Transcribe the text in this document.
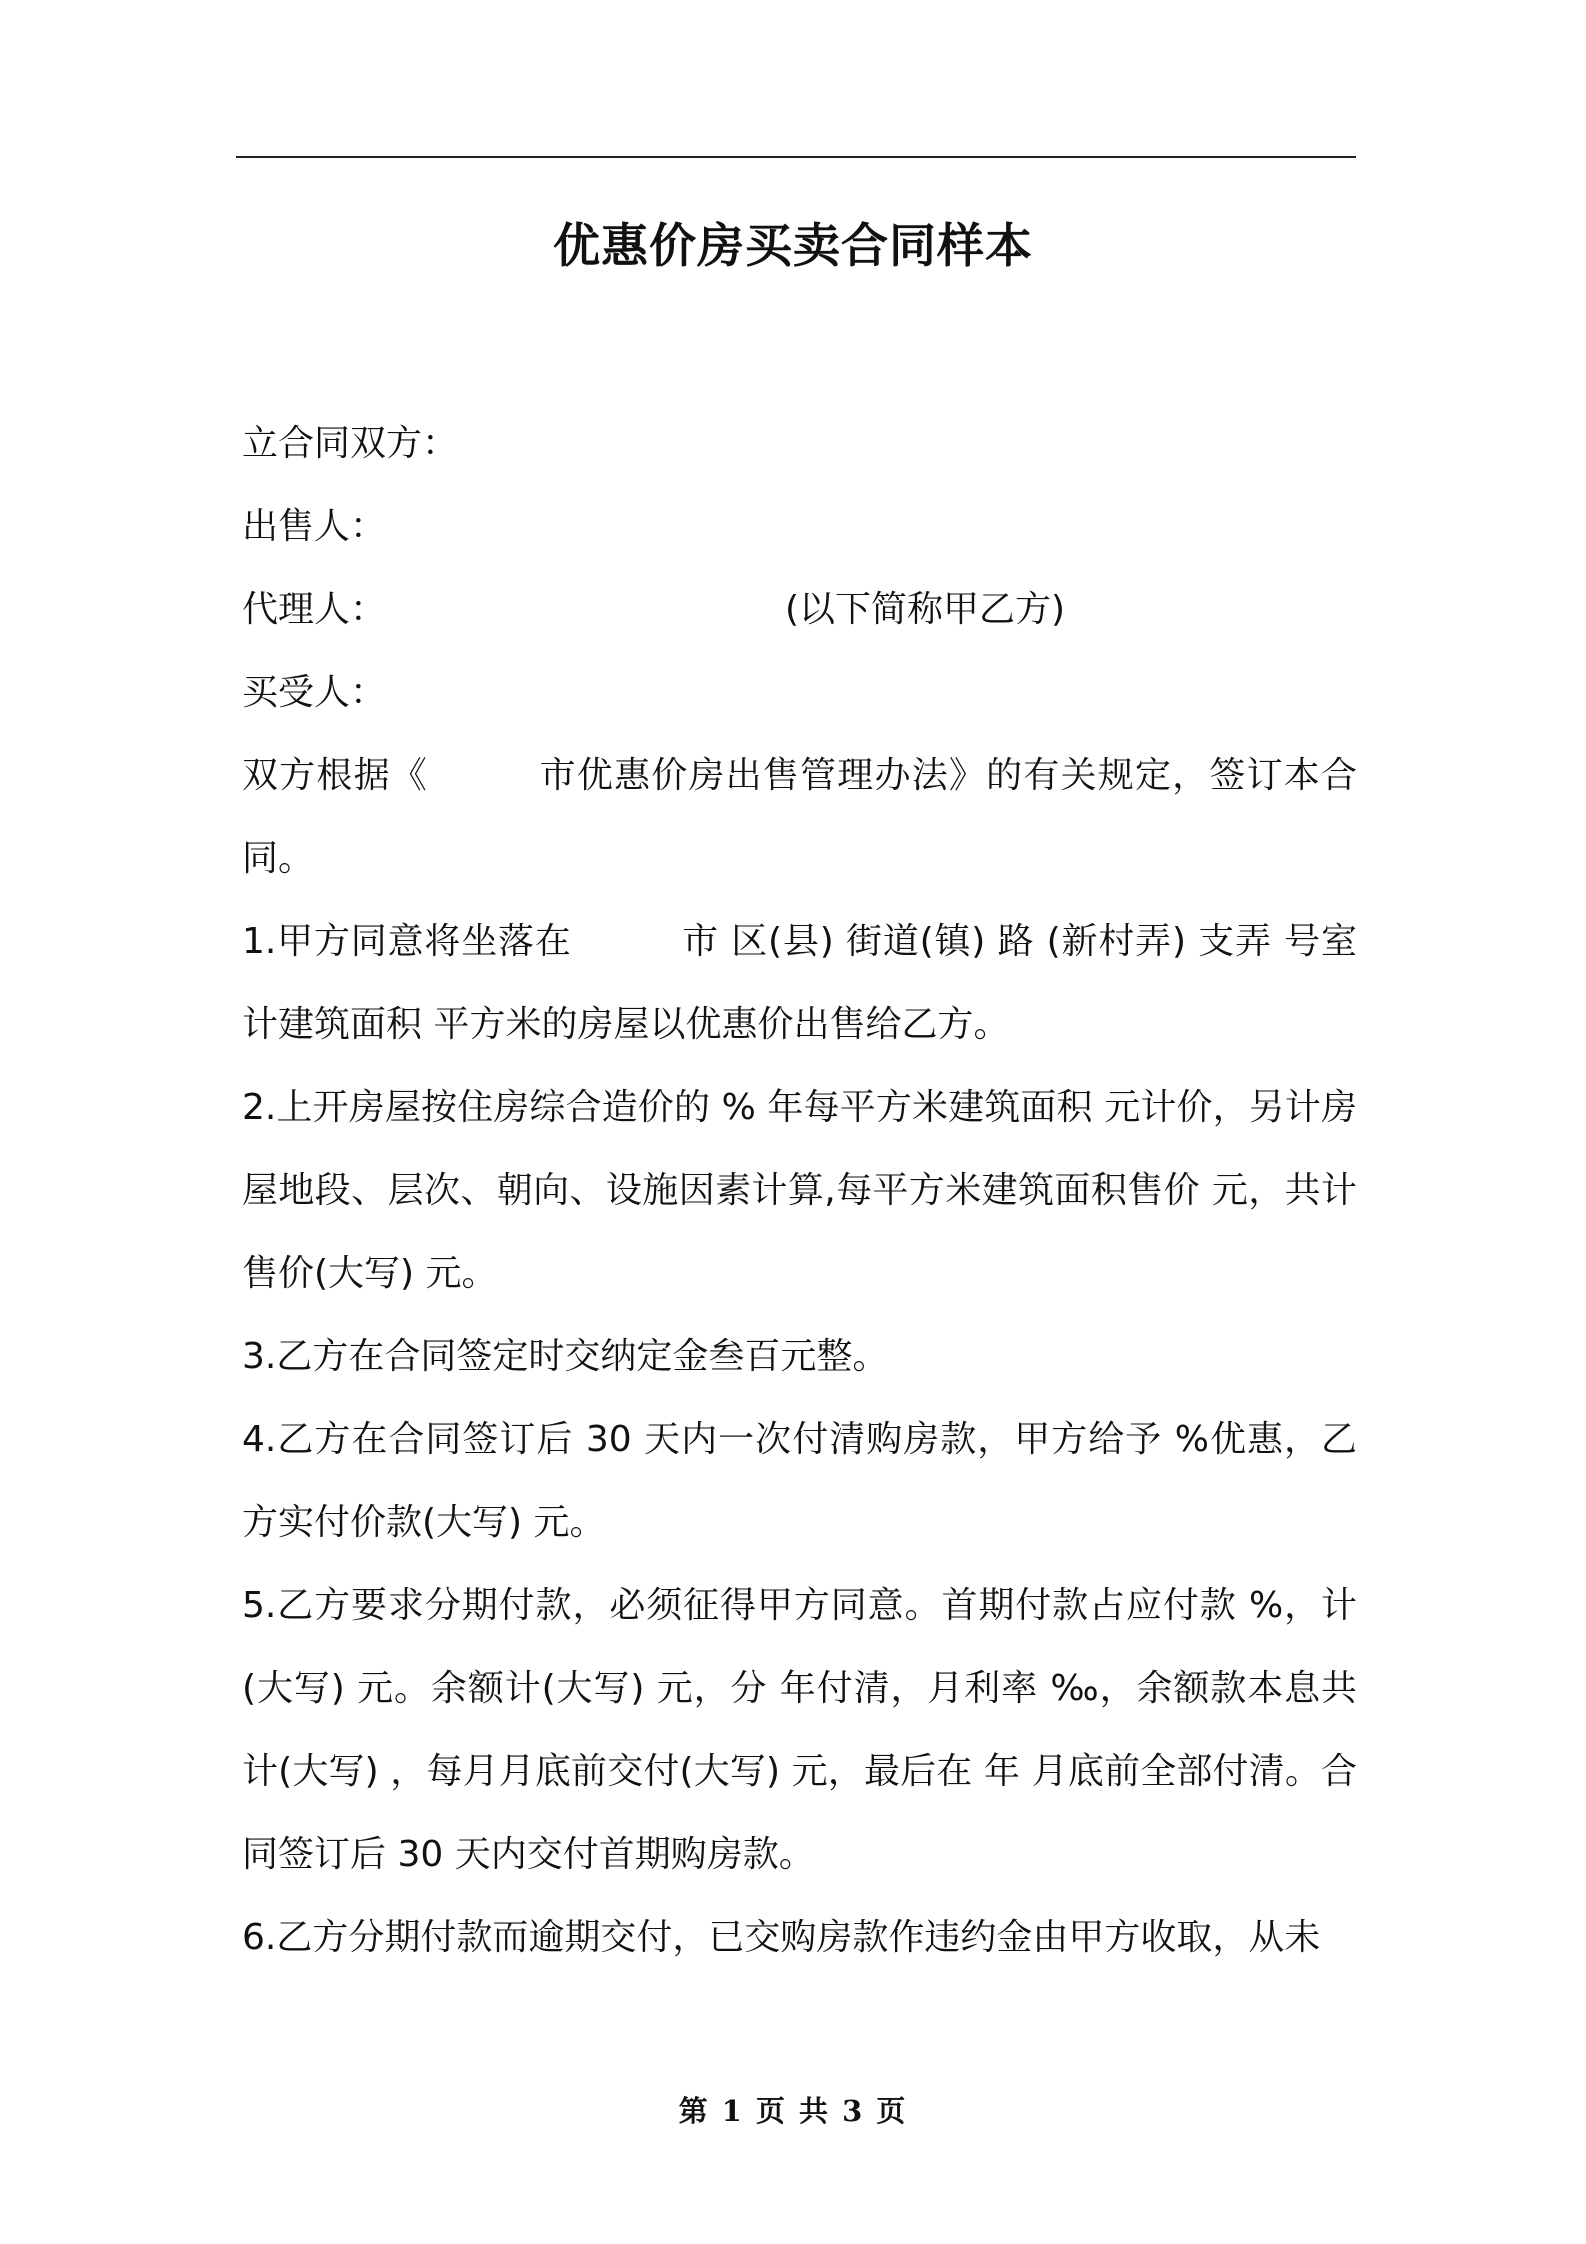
优惠价房买卖合同样本

立合同双方：

出售人：

代理人：	(以下简称甲乙方)

买受人：

双方根据《　　　市优惠价房出售管理办法》的有关规定，签订本合同。

1.甲方同意将坐落在　　　市 区(县) 街道(镇) 路 (新村弄) 支弄 号室计建筑面积 平方米的房屋以优惠价出售给乙方。

2.上开房屋按住房综合造价的 % 年每平方米建筑面积 元计价，另计房屋地段、层次、朝向、设施因素计算,每平方米建筑面积售价 元，共计售价(大写) 元。

3.乙方在合同签定时交纳定金叁百元整。

4.乙方在合同签订后 30 天内一次付清购房款，甲方给予 %优惠，乙方实付价款(大写) 元。

5.乙方要求分期付款，必须征得甲方同意。首期付款占应付款 %，计(大写) 元。余额计(大写) 元，分 年付清，月利率 ‰，余额款本息共计(大写) ，每月月底前交付(大写) 元，最后在 年 月底前全部付清。合同签订后 30 天内交付首期购房款。

6.乙方分期付款而逾期交付，已交购房款作违约金由甲方收取，从未

第 1 页 共 3 页
